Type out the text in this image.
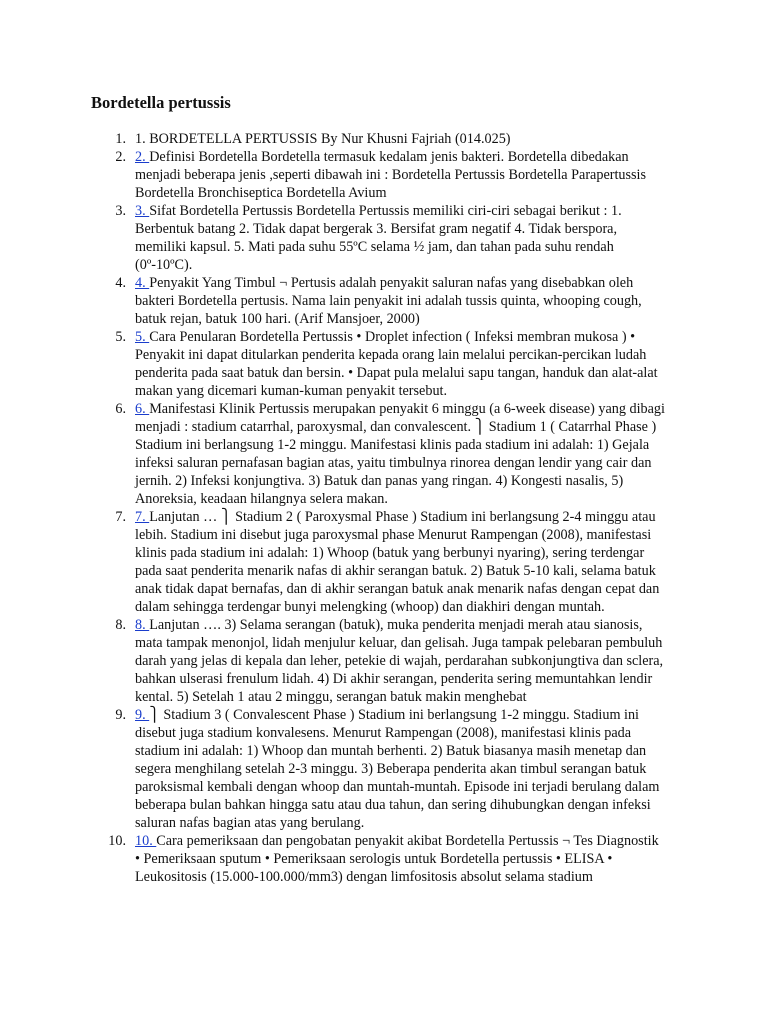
Bordetella pertussis
1. 1. BORDETELLA PERTUSSIS By Nur Khusni Fajriah (014.025)
2. 2. Definisi Bordetella Bordetella termasuk kedalam jenis bakteri. Bordetella dibedakan menjadi beberapa jenis ,seperti dibawah ini : Bordetella Pertussis Bordetella Parapertussis Bordetella Bronchiseptica Bordetella Avium
3. 3. Sifat Bordetella Pertussis Bordetella Pertussis memiliki ciri-ciri sebagai berikut : 1. Berbentuk batang 2. Tidak dapat bergerak 3. Bersifat gram negatif 4. Tidak berspora, memiliki kapsul. 5. Mati pada suhu 55ºC selama ½ jam, dan tahan pada suhu rendah (0º-10ºC).
4. 4. Penyakit Yang Timbul ¬ Pertusis adalah penyakit saluran nafas yang disebabkan oleh bakteri Bordetella pertusis. Nama lain penyakit ini adalah tussis quinta, whooping cough, batuk rejan, batuk 100 hari. (Arif Mansjoer, 2000)
5. 5. Cara Penularan Bordetella Pertussis • Droplet infection ( Infeksi membran mukosa ) • Penyakit ini dapat ditularkan penderita kepada orang lain melalui percikan-percikan ludah penderita pada saat batuk dan bersin. • Dapat pula melalui sapu tangan, handuk dan alat-alat makan yang dicemari kuman-kuman penyakit tersebut.
6. 6. Manifestasi Klinik Pertussis merupakan penyakit 6 minggu (a 6-week disease) yang dibagi menjadi : stadium catarrhal, paroxysmal, dan convalescent. ⎫ Stadium 1 ( Catarrhal Phase ) Stadium ini berlangsung 1-2 minggu. Manifestasi klinis pada stadium ini adalah: 1) Gejala infeksi saluran pernafasan bagian atas, yaitu timbulnya rinorea dengan lendir yang cair dan jernih. 2) Infeksi konjungtiva. 3) Batuk dan panas yang ringan. 4) Kongesti nasalis, 5) Anoreksia, keadaan hilangnya selera makan.
7. 7. Lanjutan … ⎫ Stadium 2 ( Paroxysmal Phase ) Stadium ini berlangsung 2-4 minggu atau lebih. Stadium ini disebut juga paroxysmal phase Menurut Rampengan (2008), manifestasi klinis pada stadium ini adalah: 1) Whoop (batuk yang berbunyi nyaring), sering terdengar pada saat penderita menarik nafas di akhir serangan batuk. 2) Batuk 5-10 kali, selama batuk anak tidak dapat bernafas, dan di akhir serangan batuk anak menarik nafas dengan cepat dan dalam sehingga terdengar bunyi melengking (whoop) dan diakhiri dengan muntah.
8. 8. Lanjutan …. 3) Selama serangan (batuk), muka penderita menjadi merah atau sianosis, mata tampak menonjol, lidah menjulur keluar, dan gelisah. Juga tampak pelebaran pembuluh darah yang jelas di kepala dan leher, petekie di wajah, perdarahan subkonjungtiva dan sclera, bahkan ulserasi frenulum lidah. 4) Di akhir serangan, penderita sering memuntahkan lendir kental. 5) Setelah 1 atau 2 minggu, serangan batuk makin menghebat
9. 9. ⎫ Stadium 3 ( Convalescent Phase ) Stadium ini berlangsung 1-2 minggu. Stadium ini disebut juga stadium konvalesens. Menurut Rampengan (2008), manifestasi klinis pada stadium ini adalah: 1) Whoop dan muntah berhenti. 2) Batuk biasanya masih menetap dan segera menghilang setelah 2-3 minggu. 3) Beberapa penderita akan timbul serangan batuk paroksismal kembali dengan whoop dan muntah-muntah. Episode ini terjadi berulang dalam beberapa bulan bahkan hingga satu atau dua tahun, dan sering dihubungkan dengan infeksi saluran nafas bagian atas yang berulang.
10. 10. Cara pemeriksaan dan pengobatan penyakit akibat Bordetella Pertussis ¬ Tes Diagnostik • Pemeriksaan sputum • Pemeriksaan serologis untuk Bordetella pertussis • ELISA • Leukositosis (15.000-100.000/mm3) dengan limfositosis absolut selama stadium
